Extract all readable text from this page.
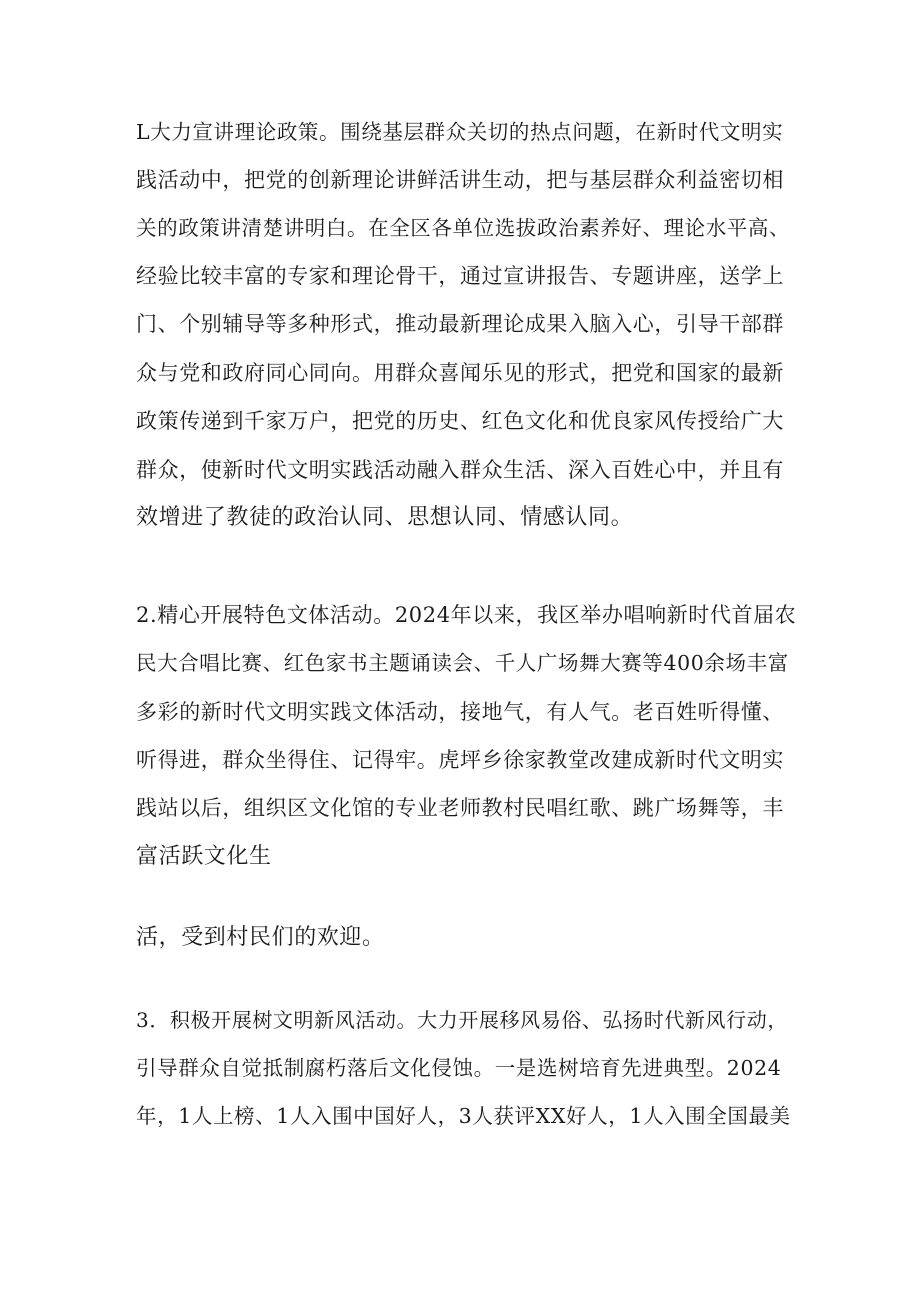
L大力宣讲理论政策。围绕基层群众关切的热点问题，在新时代文明实
践活动中，把党的创新理论讲鲜活讲生动，把与基层群众利益密切相
关的政策讲清楚讲明白。在全区各单位选拔政治素养好、理论水平高、
经验比较丰富的专家和理论骨干，通过宣讲报告、专题讲座，送学上
门、个别辅导等多种形式，推动最新理论成果入脑入心，引导干部群
众与党和政府同心同向。用群众喜闻乐见的形式，把党和国家的最新
政策传递到千家万户，把党的历史、红色文化和优良家风传授给广大
群众，使新时代文明实践活动融入群众生活、深入百姓心中，并且有
效增进了教徒的政治认同、思想认同、情感认同。
2.精心开展特色文体活动。2024年以来，我区举办唱响新时代首届农
民大合唱比赛、红色家书主题诵读会、千人广场舞大赛等400余场丰富
多彩的新时代文明实践文体活动，接地气，有人气。老百姓听得懂、
听得进，群众坐得住、记得牢。虎坪乡徐家教堂改建成新时代文明实
践站以后，组织区文化馆的专业老师教村民唱红歌、跳广场舞等，丰
富活跃文化生
活，受到村民们的欢迎。
3．积极开展树文明新风活动。大力开展移风易俗、弘扬时代新风行动，
引导群众自觉抵制腐朽落后文化侵蚀。一是选树培育先进典型。2024
年，1人上榜、1人入围中国好人，3人获评XX好人，1人入围全国最美
